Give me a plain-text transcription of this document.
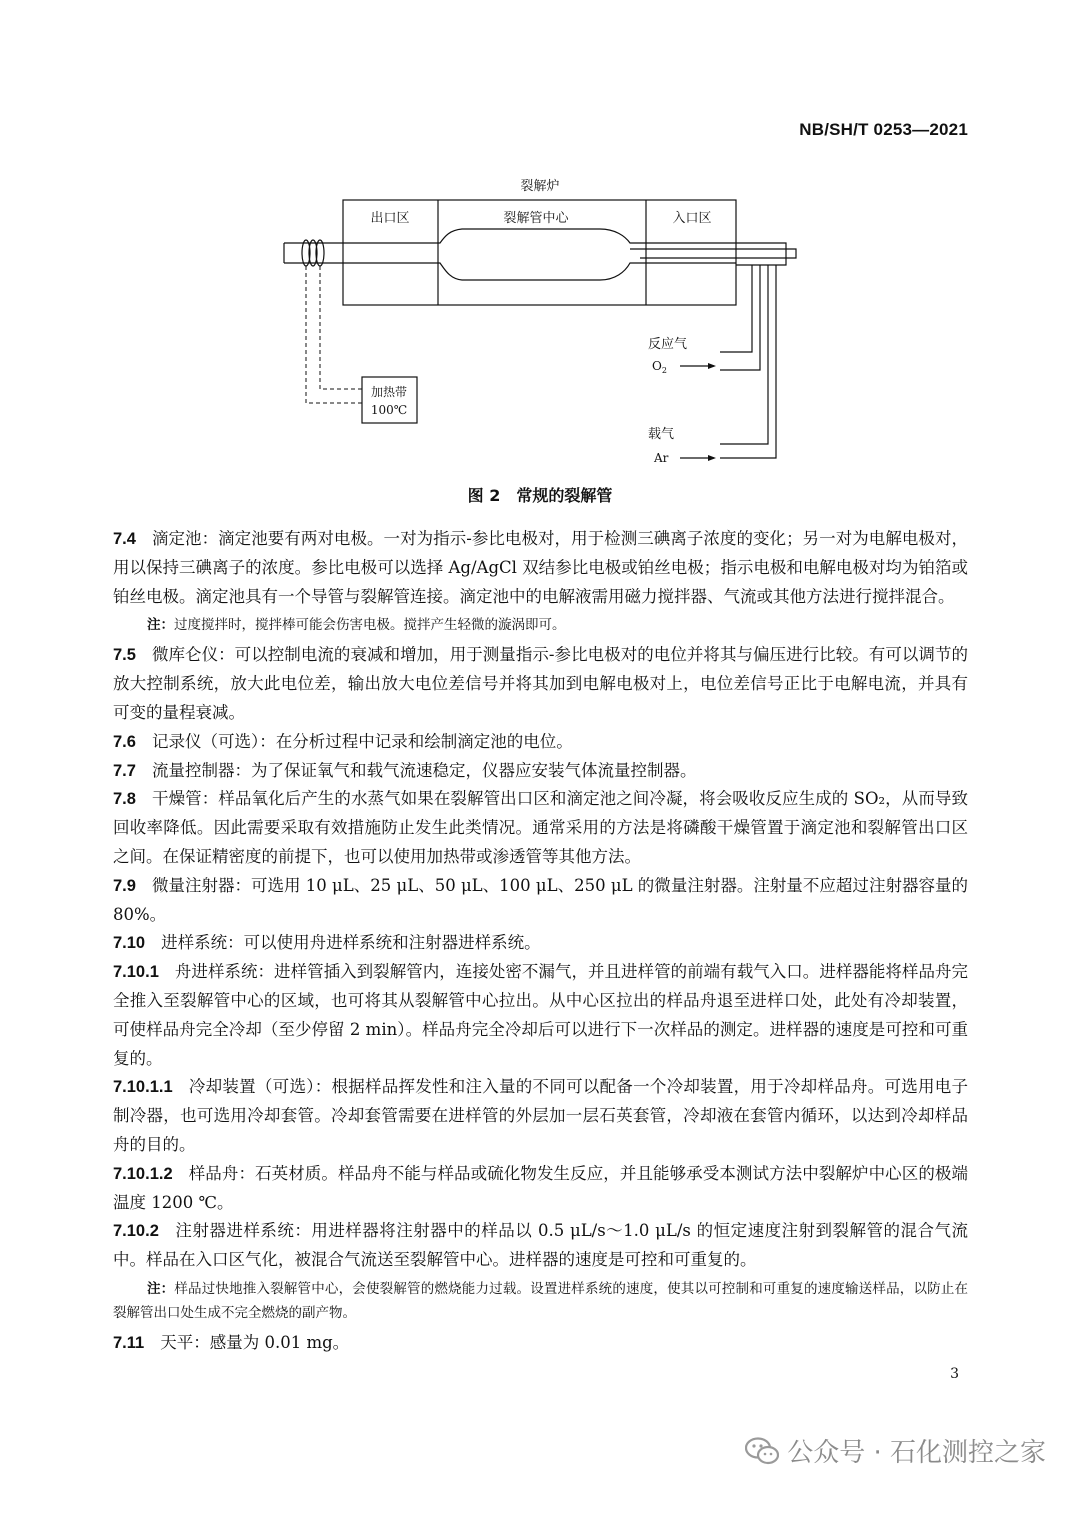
NB/SH/T 0253—2021
裂解炉
出口区	裂解管中心	入口区
加热带
100℃
反应气
载气
$O_2$
Ar
图 2　常规的裂解管

7.4 滴定池：滴定池要有两对电极。一对为指示-参比电极对，用于检测三碘离子浓度的变化；另一对为电解电极对，用以保持三碘离子的浓度。参比电极可以选择 Ag/AgCl 双结参比电极或铂丝电极；指示电极和电解电极对均为铂箔或铂丝电极。滴定池具有一个导管与裂解管连接。滴定池中的电解液需用磁力搅拌器、气流或其他方法进行搅拌混合。

注：过度搅拌时，搅拌棒可能会伤害电极。搅拌产生轻微的漩涡即可。

7.5 微库仑仪：可以控制电流的衰减和增加，用于测量指示-参比电极对的电位并将其与偏压进行比较。有可以调节的放大控制系统，放大此电位差，输出放大电位差信号并将其加到电解电极对上，电位差信号正比于电解电流，并具有可变的量程衰减。

7.6 记录仪（可选）：在分析过程中记录和绘制滴定池的电位。

7.7 流量控制器：为了保证氧气和载气流速稳定，仪器应安装气体流量控制器。

7.8 干燥管：样品氧化后产生的水蒸气如果在裂解管出口区和滴定池之间冷凝，将会吸收反应生成的 SO₂，从而导致回收率降低。因此需要采取有效措施防止发生此类情况。通常采用的方法是将磷酸干燥管置于滴定池和裂解管出口区之间。在保证精密度的前提下，也可以使用加热带或渗透管等其他方法。

7.9 微量注射器：可选用 10 μL、25 μL、50 μL、100 μL、250 μL 的微量注射器。注射量不应超过注射器容量的 80%。

7.10 进样系统：可以使用舟进样系统和注射器进样系统。

7.10.1 舟进样系统：进样管插入到裂解管内，连接处密不漏气，并且进样管的前端有载气入口。进样器能将样品舟完全推入至裂解管中心的区域，也可将其从裂解管中心拉出。从中心区拉出的样品舟退至进样口处，此处有冷却装置，可使样品舟完全冷却（至少停留 2 min）。样品舟完全冷却后可以进行下一次样品的测定。进样器的速度是可控和可重复的。

7.10.1.1 冷却装置（可选）：根据样品挥发性和注入量的不同可以配备一个冷却装置，用于冷却样品舟。可选用电子制冷器，也可选用冷却套管。冷却套管需要在进样管的外层加一层石英套管，冷却液在套管内循环，以达到冷却样品舟的目的。

7.10.1.2 样品舟：石英材质。样品舟不能与样品或硫化物发生反应，并且能够承受本测试方法中裂解炉中心区的极端温度 1200 ℃。

7.10.2 注射器进样系统：用进样器将注射器中的样品以 0.5 μL/s～1.0 μL/s 的恒定速度注射到裂解管的混合气流中。样品在入口区气化，被混合气流送至裂解管中心。进样器的速度是可控和可重复的。

注：样品过快地推入裂解管中心，会使裂解管的燃烧能力过载。设置进样系统的速度，使其以可控制和可重复的速度输送样品，以防止在裂解管出口处生成不完全燃烧的副产物。

7.11 天平：感量为 0.01 mg。

3
公众号 · 石化测控之家
